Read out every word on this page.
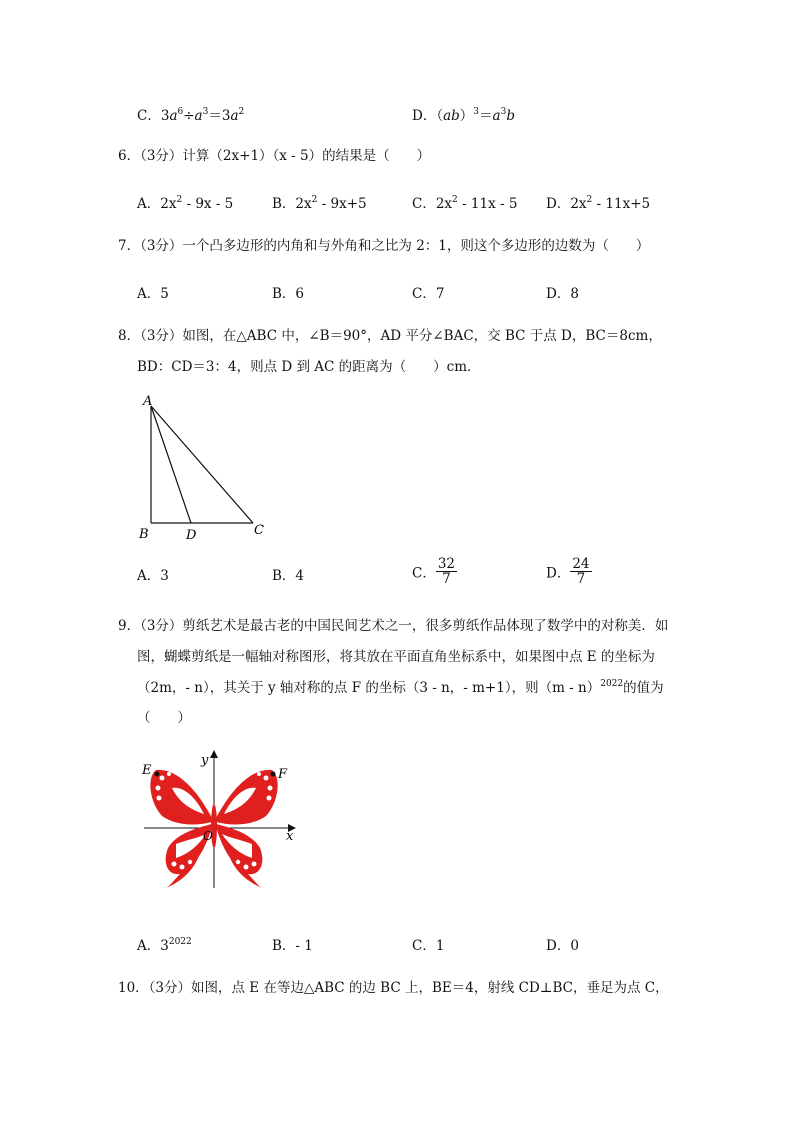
C．$3a^6\div a^3=3a^2$	D．$(ab)^3=a^3b$
6．（3分）计算（2x+1）（x - 5）的结果是（　　）
A．$2x^2 - 9x - 5$	B．$2x^2 - 9x+5$	C．$2x^2 - 11x - 5$ D．$2x^2 - 11x+5$
7．（3分）一个凸多边形的内角和与外角和之比为 2：1，则这个多边形的边数为（　　）
A．5	B．6	C．7	D．8
8．（3分）如图，在△ABC 中，∠B＝90°，AD 平分∠BAC，交 BC 于点 D，BC＝8cm，
BD：CD＝3：4，则点 D 到 AC 的距离为（　　）cm．
A
B	D	C
A．3	B．4	C． $\frac{32}{7}$	D． $\frac{24}{7}$
9．（3分）剪纸艺术是最古老的中国民间艺术之一，很多剪纸作品体现了数学中的对称美．如
图，蝴蝶剪纸是一幅轴对称图形，将其放在平面直角坐标系中，如果图中点 E 的坐标为
（2m，- n），其关于 y 轴对称的点 F 的坐标（3 - n，- m+1），则（m - n）$^{2022}$的值为
（　　）
E	F
y
x
O
A．$3^{2022}$	B．- 1	C．1	D．0
10．（3分）如图，点 E 在等边△ABC 的边 BC 上，BE＝4，射线 CD⊥BC，垂足为点 C，
